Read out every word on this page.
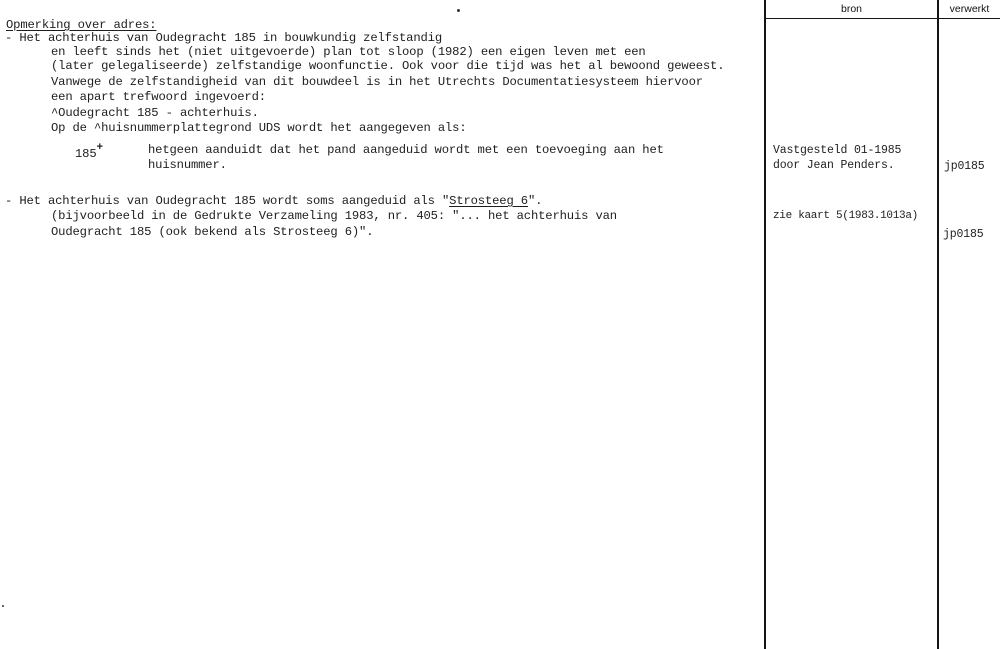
bron	verwerkt
Opmerking over adres:
- Het achterhuis van Oudegracht 185 in bouwkundig zelfstandig
en leeft sinds het (niet uitgevoerde) plan tot sloop (1982) een eigen leven met een
(later gelegaliseerde) zelfstandige woonfunctie. Ook voor die tijd was het al bewoond geweest.
Vanwege de zelfstandigheid van dit bouwdeel is in het Utrechts Documentatiesysteem hiervoor
een apart trefwoord ingevoerd:
^Oudegracht 185 - achterhuis.
Op de ^huisnummerplattegrond UDS wordt het aangegeven als:
185+	hetgeen aanduidt dat het pand aangeduid wordt met een toevoeging aan het
huisnummer.
- Het achterhuis van Oudegracht 185 wordt soms aangeduid als "Strosteeg 6".
(bijvoorbeeld in de Gedrukte Verzameling 1983, nr. 405: "... het achterhuis van
Oudegracht 185 (ook bekend als Strosteeg 6)".
Vastgesteld 01-1985
door Jean Penders.
zie kaart 5(1983.1013a)
jp0185
jp0185
